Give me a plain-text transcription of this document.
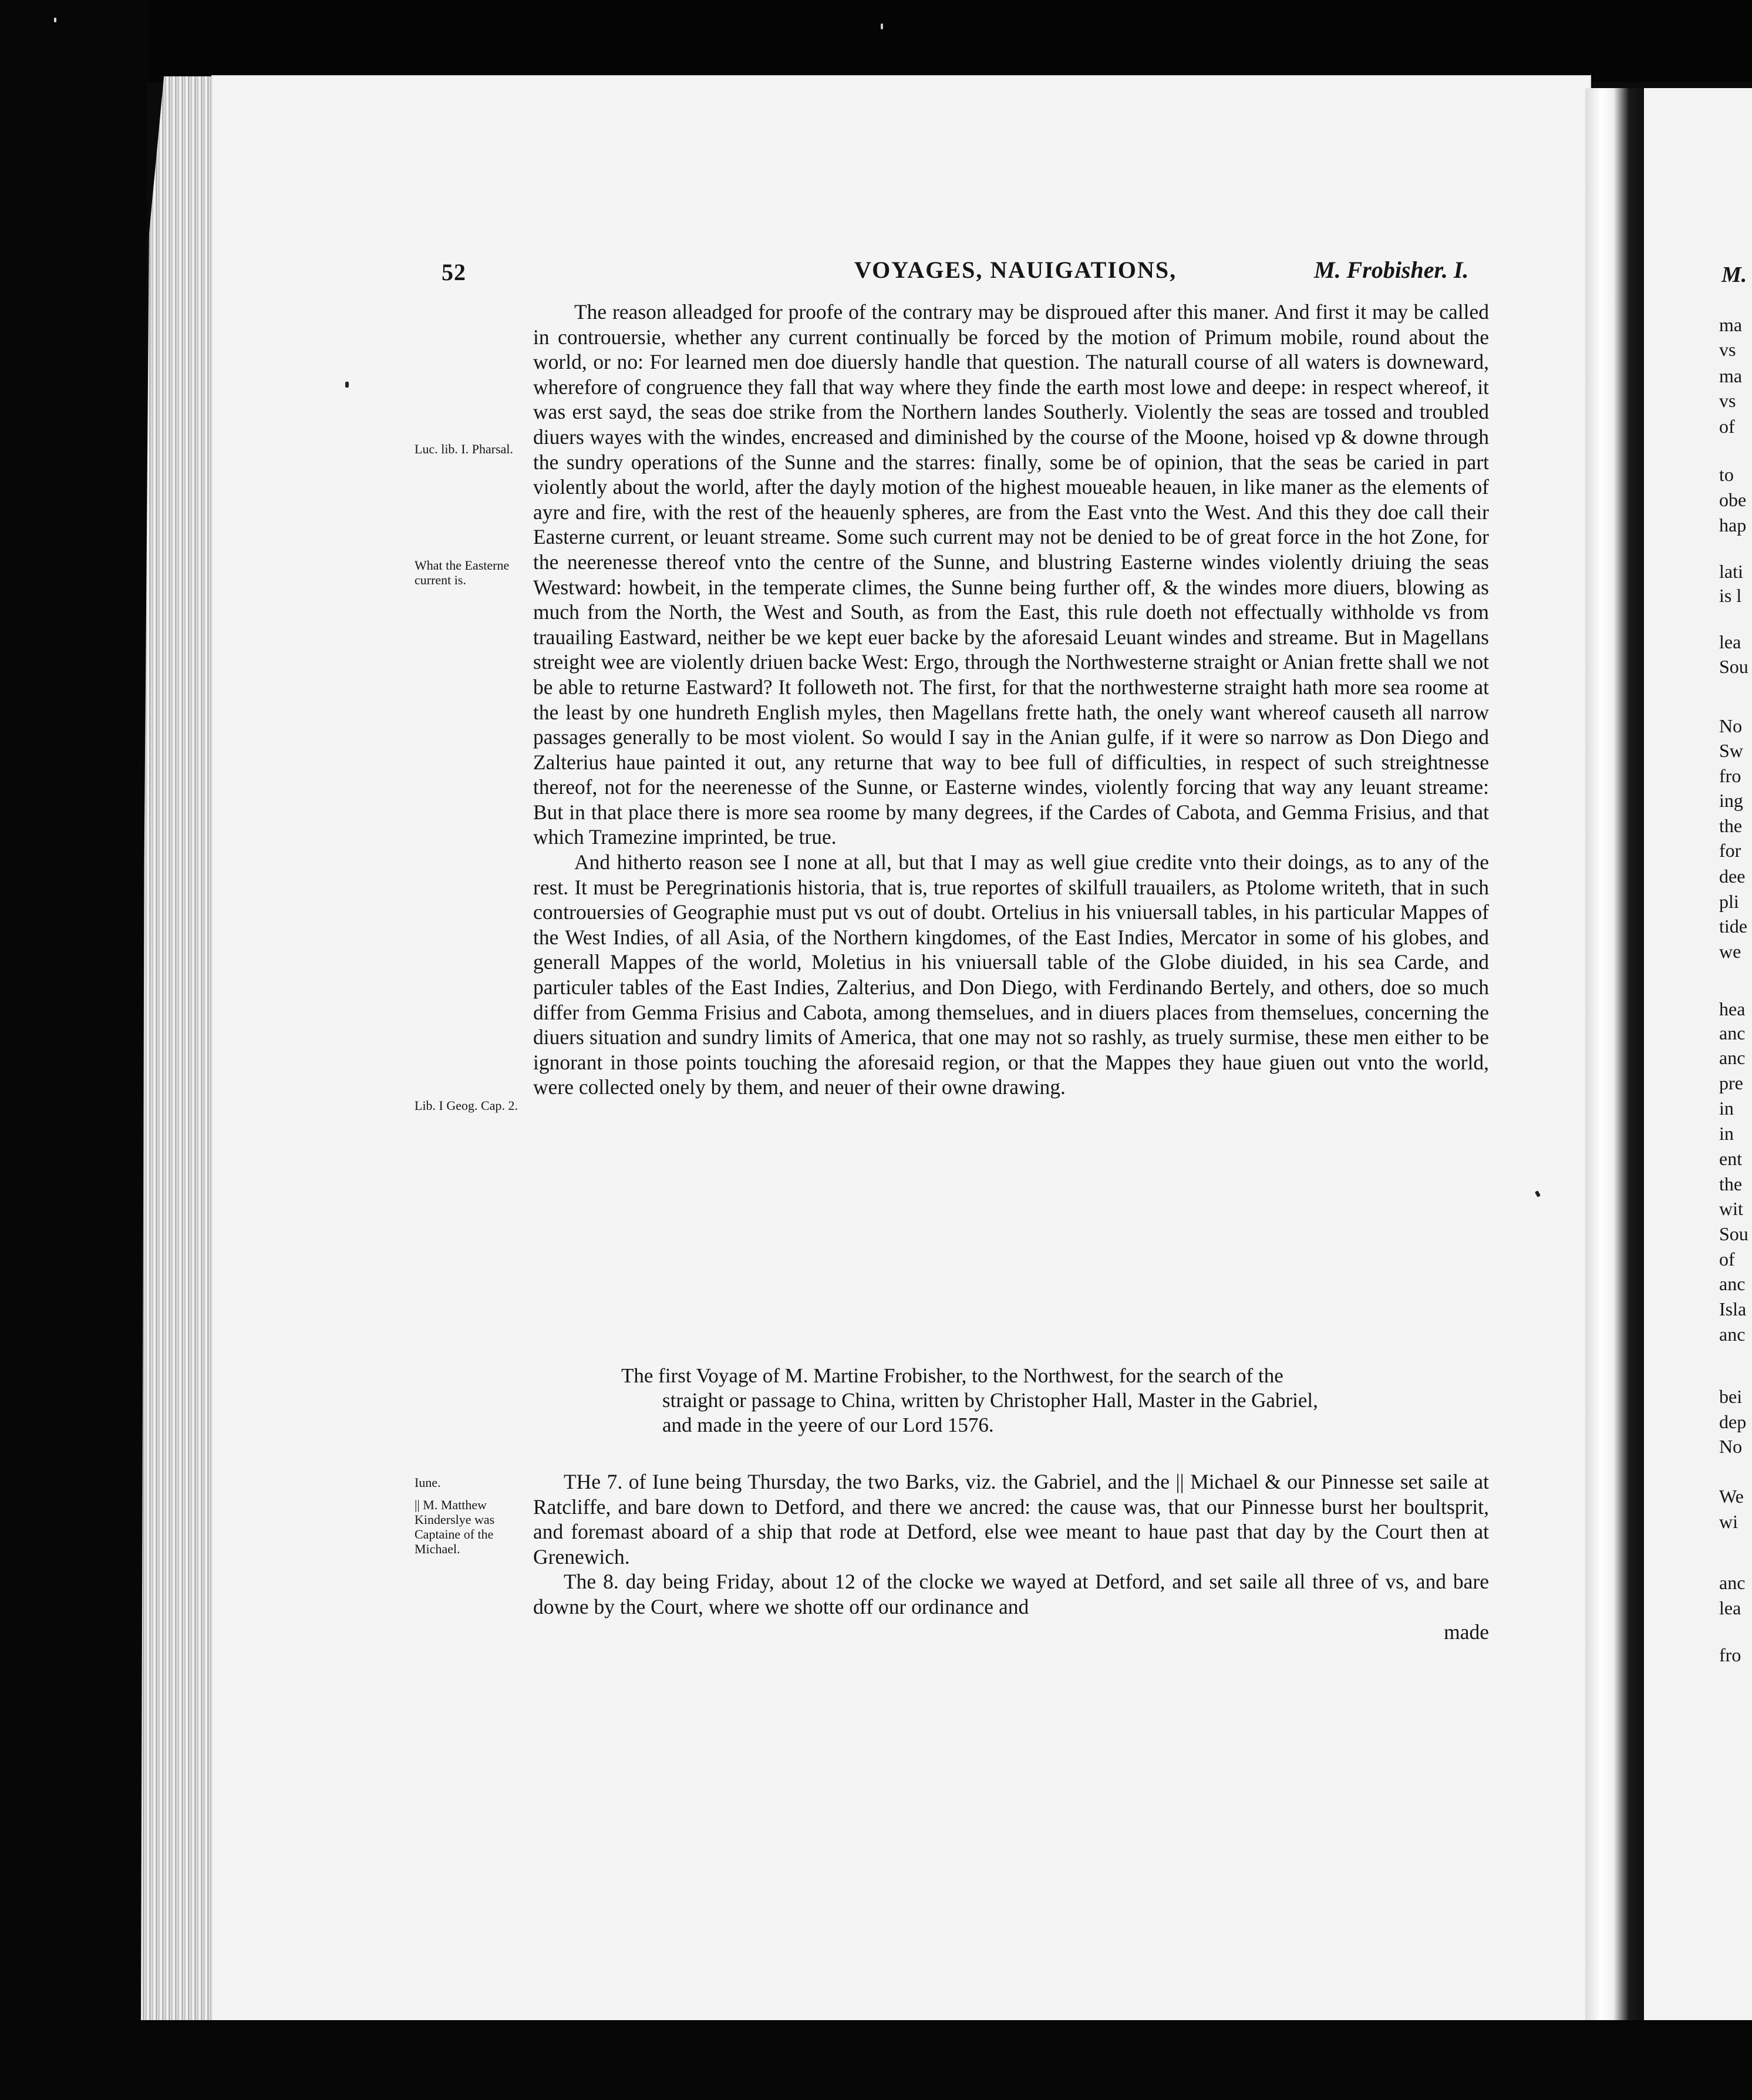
52	VOYAGES, NAUIGATIONS,	M. Frobisher. I.
Luc. lib. I. Pharsal.
What the Easterne current is.
Lib. I Geog. Cap. 2.
Iune.
|| M. Matthew Kinderslye was Captaine of the Michael.

The reason alleadged for proofe of the contrary may be disproued after this maner. And first it may be called in controuersie, whether any current continually be forced by the motion of Primum mobile, round about the world, or no: For learned men doe diuersly handle that question. The naturall course of all waters is downeward, wherefore of congruence they fall that way where they finde the earth most lowe and deepe: in respect whereof, it was erst sayd, the seas doe strike from the Northern landes Southerly. Violently the seas are tossed and troubled diuers wayes with the windes, encreased and diminished by the course of the Moone, hoised vp & downe through the sundry operations of the Sunne and the starres: finally, some be of opinion, that the seas be caried in part violently about the world, after the dayly motion of the highest moueable heauen, in like maner as the elements of ayre and fire, with the rest of the heauenly spheres, are from the East vnto the West. And this they doe call their Easterne current, or leuant streame. Some such current may not be denied to be of great force in the hot Zone, for the neerenesse thereof vnto the centre of the Sunne, and blustring Easterne windes violently driuing the seas Westward: howbeit, in the temperate climes, the Sunne being further off, & the windes more diuers, blowing as much from the North, the West and South, as from the East, this rule doeth not effectually withholde vs from trauailing Eastward, neither be we kept euer backe by the aforesaid Leuant windes and streame. But in Magellans streight wee are violently driuen backe West: Ergo, through the Northwesterne straight or Anian frette shall we not be able to returne Eastward? It followeth not. The first, for that the northwesterne straight hath more sea roome at the least by one hundreth English myles, then Magellans frette hath, the onely want whereof causeth all narrow passages generally to be most violent. So would I say in the Anian gulfe, if it were so narrow as Don Diego and Zalterius haue painted it out, any returne that way to bee full of difficulties, in respect of such streightnesse thereof, not for the neerenesse of the Sunne, or Easterne windes, violently forcing that way any leuant streame: But in that place there is more sea roome by many degrees, if the Cardes of Cabota, and Gemma Frisius, and that which Tramezine imprinted, be true.

And hitherto reason see I none at all, but that I may as well giue credite vnto their doings, as to any of the rest. It must be Peregrinationis historia, that is, true reportes of skilfull trauailers, as Ptolome writeth, that in such controuersies of Geographie must put vs out of doubt. Ortelius in his vniuersall tables, in his particular Mappes of the West Indies, of all Asia, of the Northern kingdomes, of the East Indies, Mercator in some of his globes, and generall Mappes of the world, Moletius in his vniuersall table of the Globe diuided, in his sea Carde, and particuler tables of the East Indies, Zalterius, and Don Diego, with Ferdinando Bertely, and others, doe so much differ from Gemma Frisius and Cabota, among themselues, and in diuers places from themselues, concerning the diuers situation and sundry limits of America, that one may not so rashly, as truely surmise, these men either to be ignorant in those points touching the aforesaid region, or that the Mappes they haue giuen out vnto the world, were collected onely by them, and neuer of their owne drawing.

The first Voyage of M. Martine Frobisher, to the Northwest, for the search of the
straight or passage to China, written by Christopher Hall, Master in the Gabriel,
and made in the yeere of our Lord 1576.

THe 7. of Iune being Thursday, the two Barks, viz. the Gabriel, and the || Michael & our Pinnesse set saile at Ratcliffe, and bare down to Detford, and there we ancred: the cause was, that our Pinnesse burst her boultsprit, and foremast aboard of a ship that rode at Detford, else wee meant to haue past that day by the Court then at Grenewich.

The 8. day being Friday, about 12 of the clocke we wayed at Detford, and set saile all three of vs, and bare downe by the Court, where we shotte off our ordinance and

made

M.
ma
vs
ma
vs
of
to
obe
hap
lati
is l
lea
Sou
No
Sw
fro
ing
the
for
dee
pli
tide
we
hea
anc
anc
pre
in
in
ent
the
wit
Sou
of
anc
Isla
anc
bei
dep
No
We
wi
anc
lea
fro
